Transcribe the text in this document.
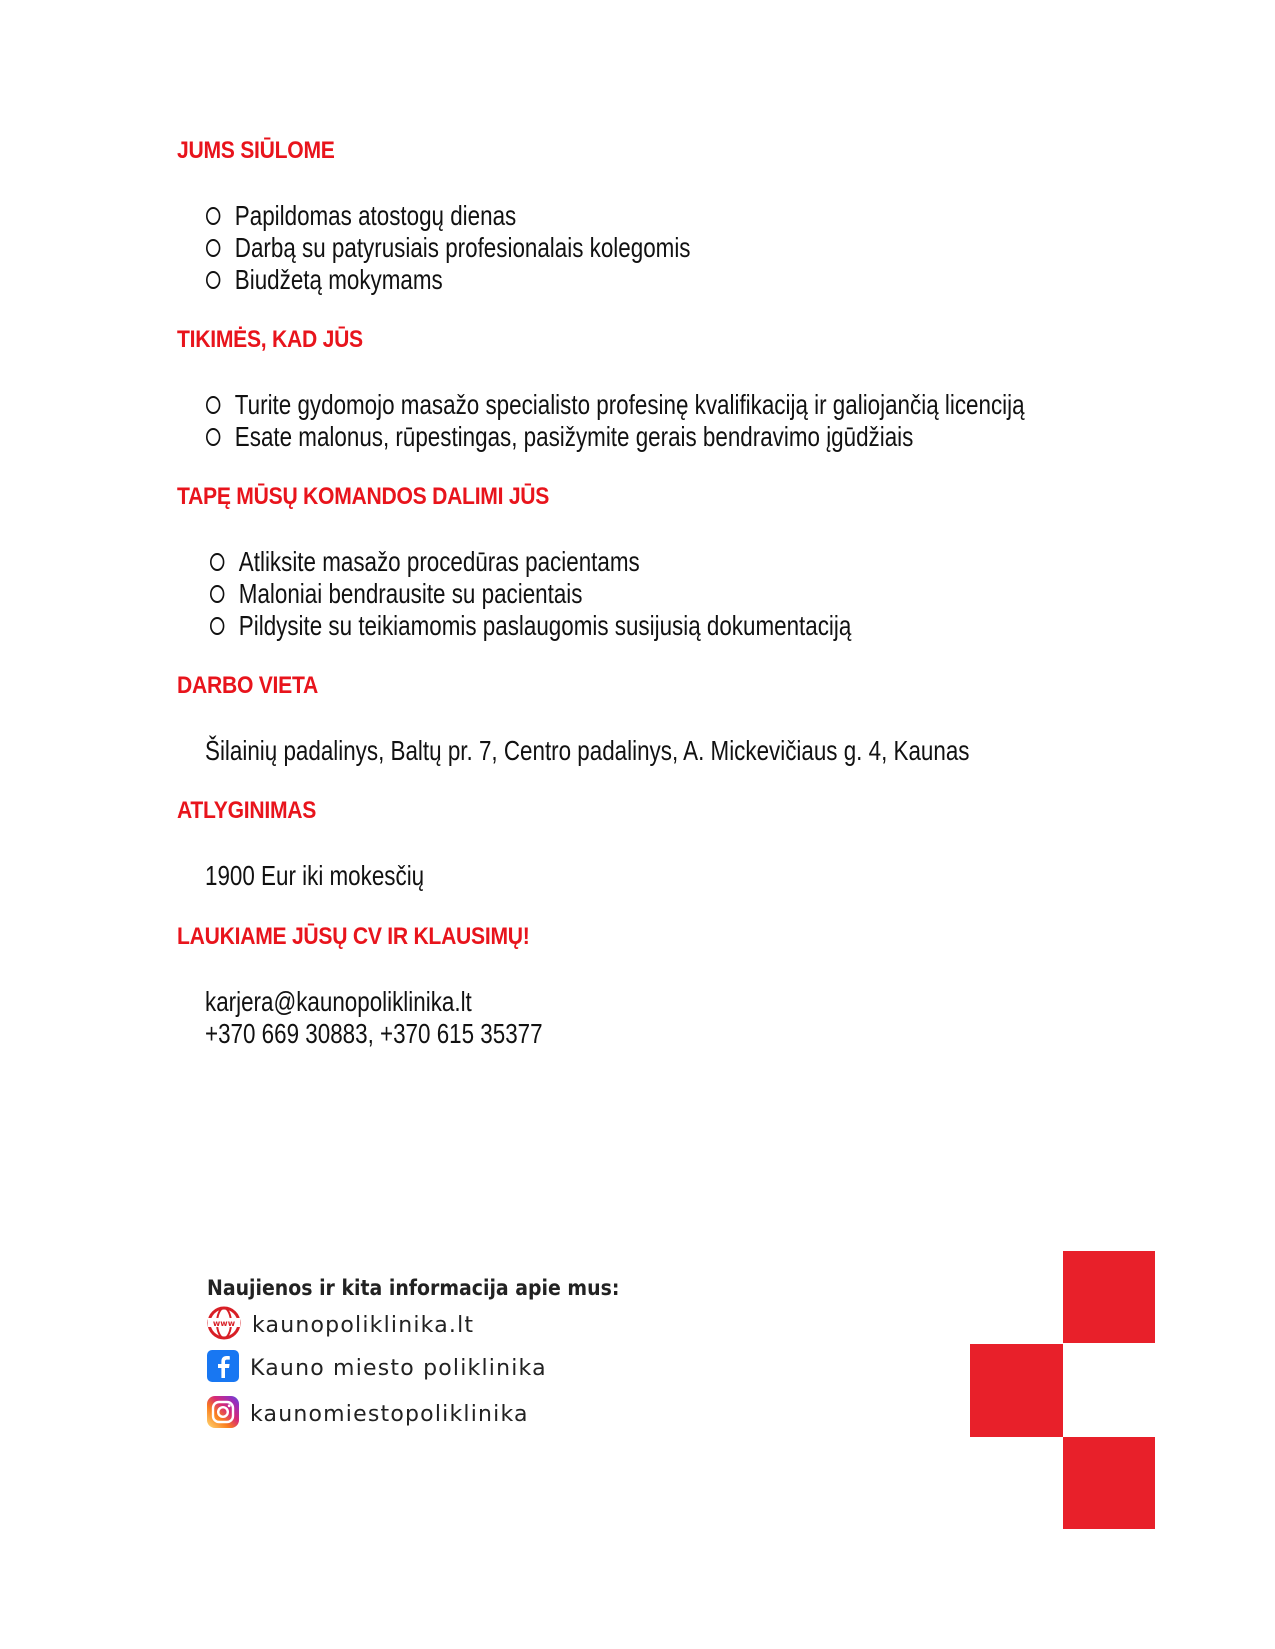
JUMS SIŪLOME
Papildomas atostogų dienas
Darbą su patyrusiais profesionalais kolegomis
Biudžetą mokymams
TIKIMĖS, KAD JŪS
Turite gydomojo masažo specialisto profesinę kvalifikaciją ir galiojančią licenciją
Esate malonus, rūpestingas, pasižymite gerais bendravimo įgūdžiais
TAPĘ MŪSŲ KOMANDOS DALIMI JŪS
Atliksite masažo procedūras pacientams
Maloniai bendrausite su pacientais
Pildysite su teikiamomis paslaugomis susijusią dokumentaciją
DARBO VIETA
Šilainių padalinys, Baltų pr. 7, Centro padalinys, A. Mickevičiaus g. 4, Kaunas
ATLYGINIMAS
1900 Eur iki mokesčių
LAUKIAME JŪSŲ CV IR KLAUSIMŲ!
karjera@kaunopoliklinika.lt
+370 669 30883, +370 615 35377
Naujienos ir kita informacija apie mus:
www kaunopoliklinika.lt
Kauno miesto poliklinika
kaunomiestopoliklinika
